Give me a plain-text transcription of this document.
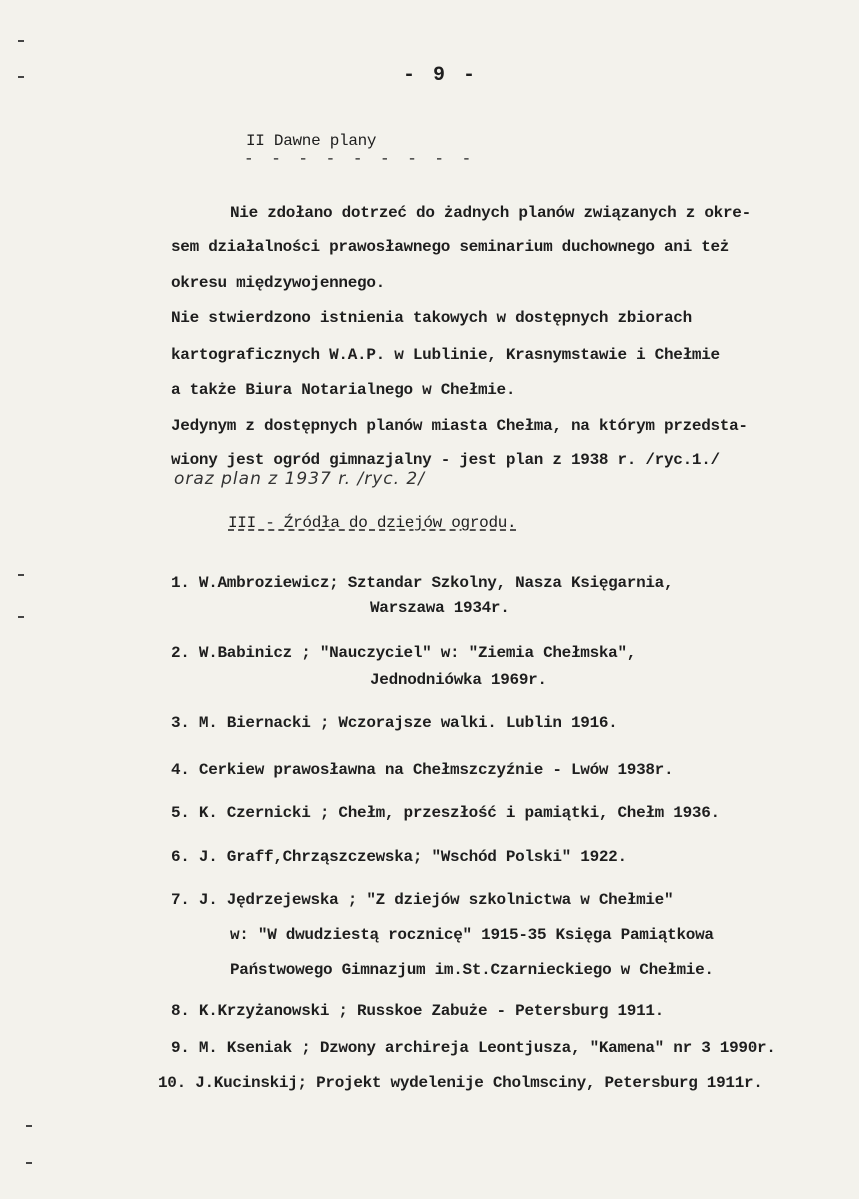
- 9 -
II Dawne plany
- - - - - - - - -
Nie zdołano dotrzeć do żadnych planów związanych z okre-
sem działalności prawosławnego seminarium duchownego ani też
okresu międzywojennego.
Nie stwierdzono istnienia takowych w dostępnych zbiorach
kartograficznych W.A.P. w Lublinie, Krasnymstawie i Chełmie
a także Biura Notarialnego w Chełmie.
Jedynym z dostępnych planów miasta Chełma, na którym przedsta-
wiony jest ogród gimnazjalny - jest plan z 1938 r. /ryc.1./
oraz plan z 1937 r. /ryc. 2/
III - Źródła do dziejów ogrodu.
1. W.Ambroziewicz; Sztandar Szkolny, Nasza Księgarnia,
Warszawa 1934r.
2. W.Babinicz ; "Nauczyciel" w: "Ziemia Chełmska",
Jednodniówka 1969r.
3. M. Biernacki ; Wczorajsze walki. Lublin 1916.
4. Cerkiew prawosławna na Chełmszczyźnie - Lwów 1938r.
5. K. Czernicki ; Chełm, przeszłość i pamiątki, Chełm 1936.
6. J. Graff,Chrząszczewska; "Wschód Polski" 1922.
7. J. Jędrzejewska ; "Z dziejów szkolnictwa w Chełmie"
w: "W dwudziestą rocznicę" 1915-35 Księga Pamiątkowa
Państwowego Gimnazjum im.St.Czarnieckiego w Chełmie.
8. K.Krzyżanowski ; Russkoe Zabuże - Petersburg 1911.
9. M. Kseniak ; Dzwony archireja Leontjusza, "Kamena" nr 3 1990r.
10. J.Kucinskij; Projekt wydelenije Cholmsciny, Petersburg 1911r.
